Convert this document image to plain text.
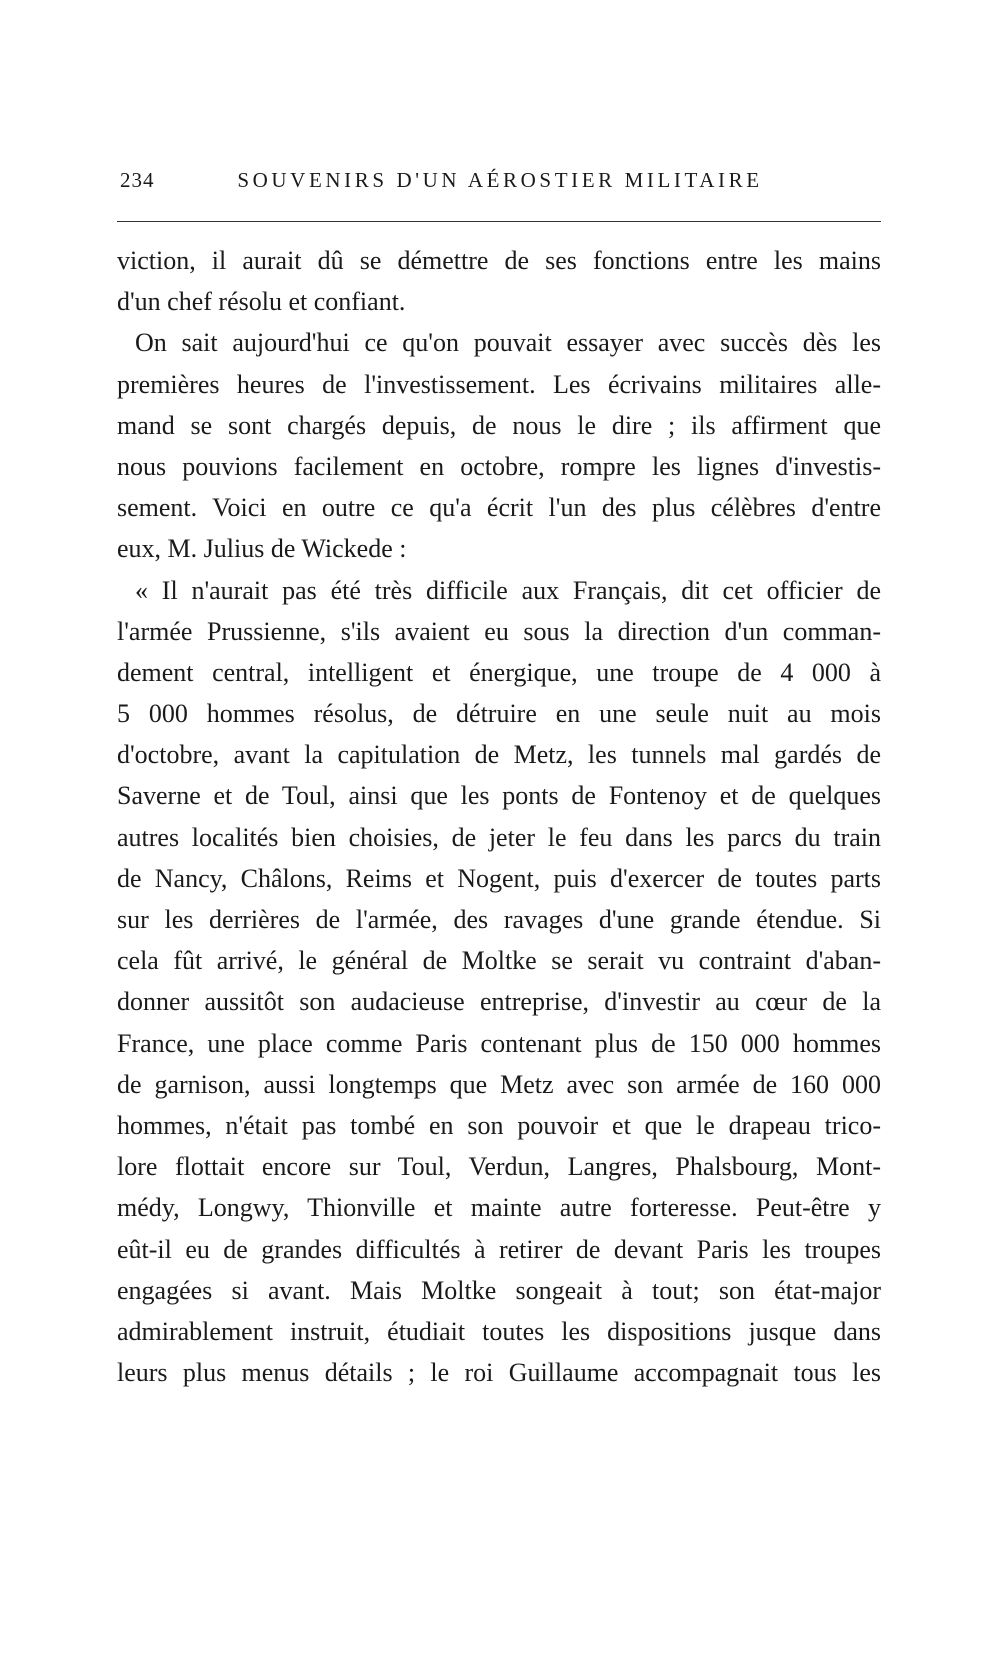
234	SOUVENIRS D'UN AÉROSTIER MILITAIRE
viction, il aurait dû se démettre de ses fonctions entre les mains
d'un chef résolu et confiant.
On sait aujourd'hui ce qu'on pouvait essayer avec succès dès les
premières heures de l'investissement. Les écrivains militaires alle-
mand se sont chargés depuis, de nous le dire ; ils affirment que
nous pouvions facilement en octobre, rompre les lignes d'investis-
sement. Voici en outre ce qu'a écrit l'un des plus célèbres d'entre
eux, M. Julius de Wickede :
« Il n'aurait pas été très difficile aux Français, dit cet officier de
l'armée Prussienne, s'ils avaient eu sous la direction d'un comman-
dement central, intelligent et énergique, une troupe de 4 000 à
5 000 hommes résolus, de détruire en une seule nuit au mois
d'octobre, avant la capitulation de Metz, les tunnels mal gardés de
Saverne et de Toul, ainsi que les ponts de Fontenoy et de quelques
autres localités bien choisies, de jeter le feu dans les parcs du train
de Nancy, Châlons, Reims et Nogent, puis d'exercer de toutes parts
sur les derrières de l'armée, des ravages d'une grande étendue. Si
cela fût arrivé, le général de Moltke se serait vu contraint d'aban-
donner aussitôt son audacieuse entreprise, d'investir au cœur de la
France, une place comme Paris contenant plus de 150 000 hommes
de garnison, aussi longtemps que Metz avec son armée de 160 000
hommes, n'était pas tombé en son pouvoir et que le drapeau trico-
lore flottait encore sur Toul, Verdun, Langres, Phalsbourg, Mont-
médy, Longwy, Thionville et mainte autre forteresse. Peut-être y
eût-il eu de grandes difficultés à retirer de devant Paris les troupes
engagées si avant. Mais Moltke songeait à tout; son état-major
admirablement instruit, étudiait toutes les dispositions jusque dans
leurs plus menus détails ; le roi Guillaume accompagnait tous les
